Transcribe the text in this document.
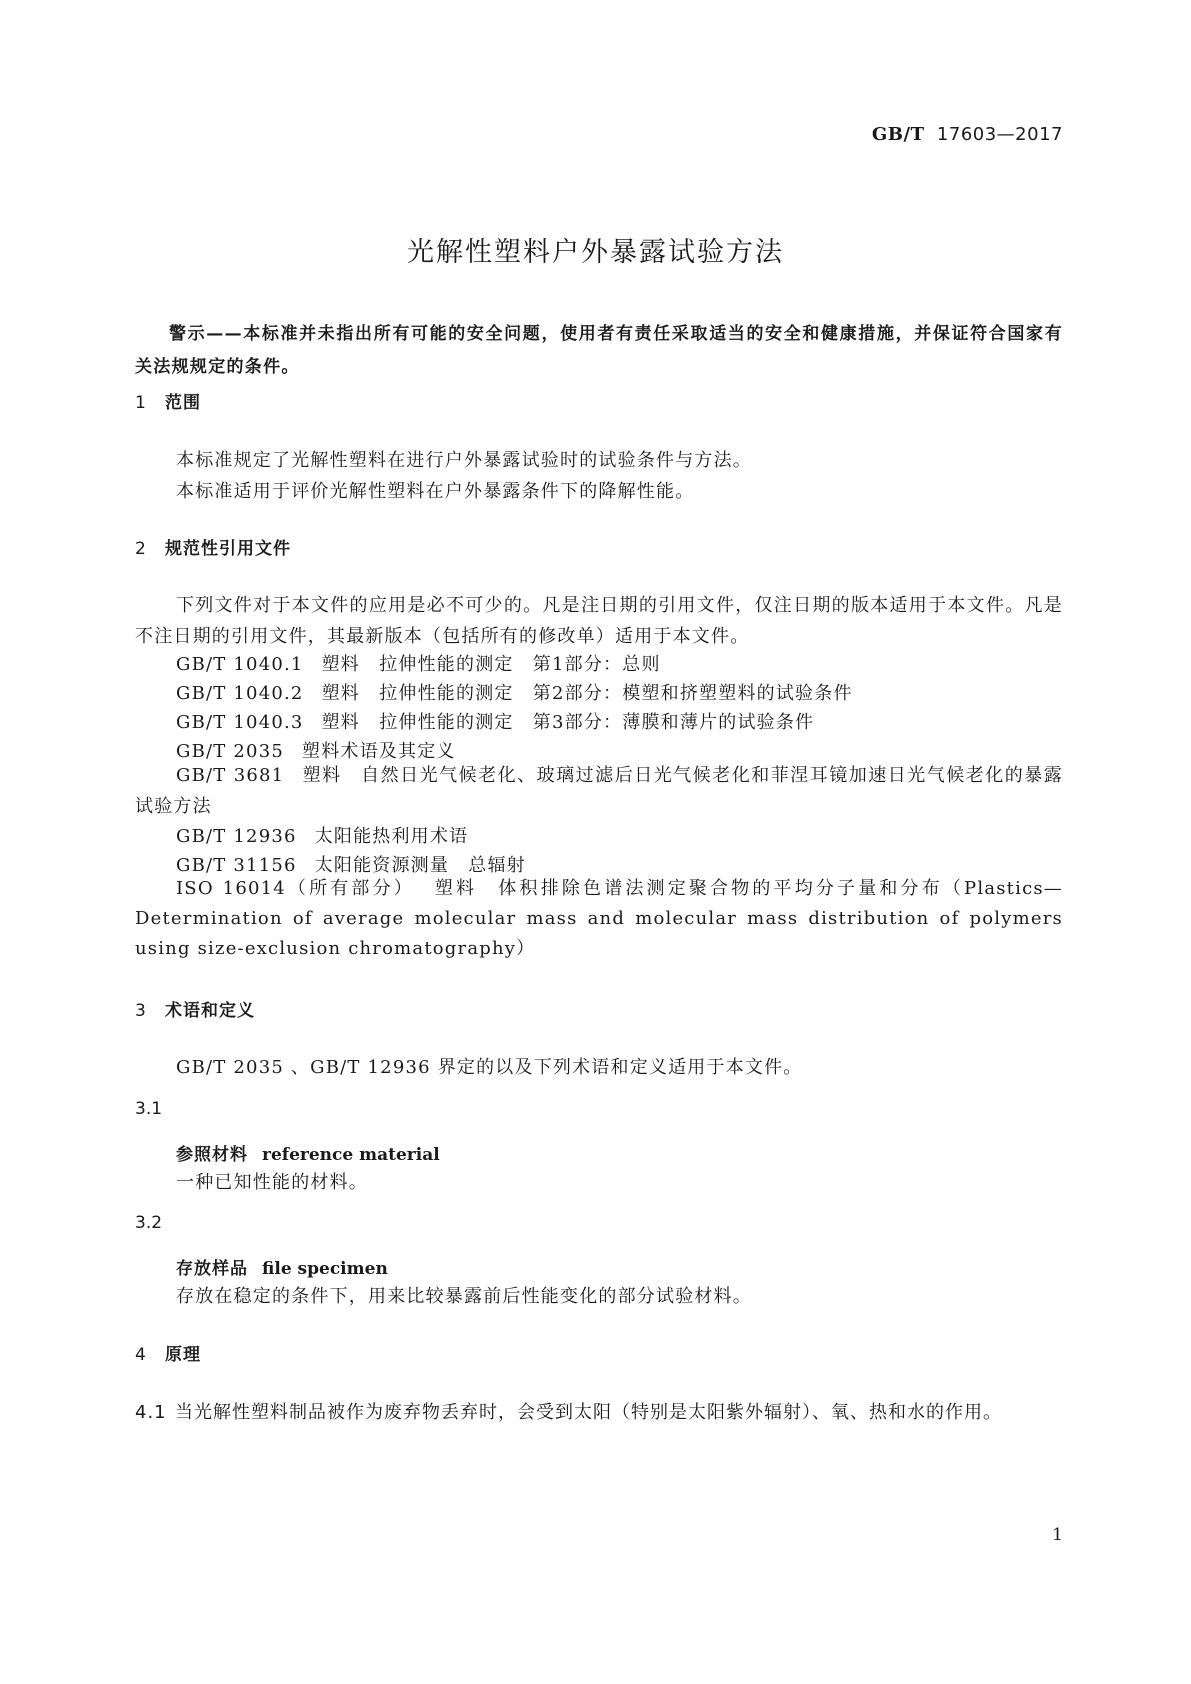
GB/T 17603—2017
光解性塑料户外暴露试验方法
警示——本标准并未指出所有可能的安全问题，使用者有责任采取适当的安全和健康措施，并保证符合国家有关法规规定的条件。
1 范围
本标准规定了光解性塑料在进行户外暴露试验时的试验条件与方法。
本标准适用于评价光解性塑料在户外暴露条件下的降解性能。
2 规范性引用文件
下列文件对于本文件的应用是必不可少的。凡是注日期的引用文件，仅注日期的版本适用于本文件。凡是不注日期的引用文件，其最新版本（包括所有的修改单）适用于本文件。
GB/T 1040.1 塑料　拉伸性能的测定　第1部分：总则
GB/T 1040.2 塑料　拉伸性能的测定　第2部分：模塑和挤塑塑料的试验条件
GB/T 1040.3 塑料　拉伸性能的测定　第3部分：薄膜和薄片的试验条件
GB/T 2035 塑料术语及其定义
GB/T 3681 塑料　自然日光气候老化、玻璃过滤后日光气候老化和菲涅耳镜加速日光气候老化的暴露试验方法
GB/T 12936 太阳能热利用术语
GB/T 31156 太阳能资源测量　总辐射
ISO 16014（所有部分） 塑料　体积排除色谱法测定聚合物的平均分子量和分布（Plastics—Determination of average molecular mass and molecular mass distribution of polymers using size-exclusion chromatography）
3 术语和定义
GB/T 2035 、GB/T 12936 界定的以及下列术语和定义适用于本文件。
3.1
参照材料 reference material
一种已知性能的材料。
3.2
存放样品 file specimen
存放在稳定的条件下，用来比较暴露前后性能变化的部分试验材料。
4 原理
4.1 当光解性塑料制品被作为废弃物丢弃时，会受到太阳（特别是太阳紫外辐射）、氧、热和水的作用。
1
